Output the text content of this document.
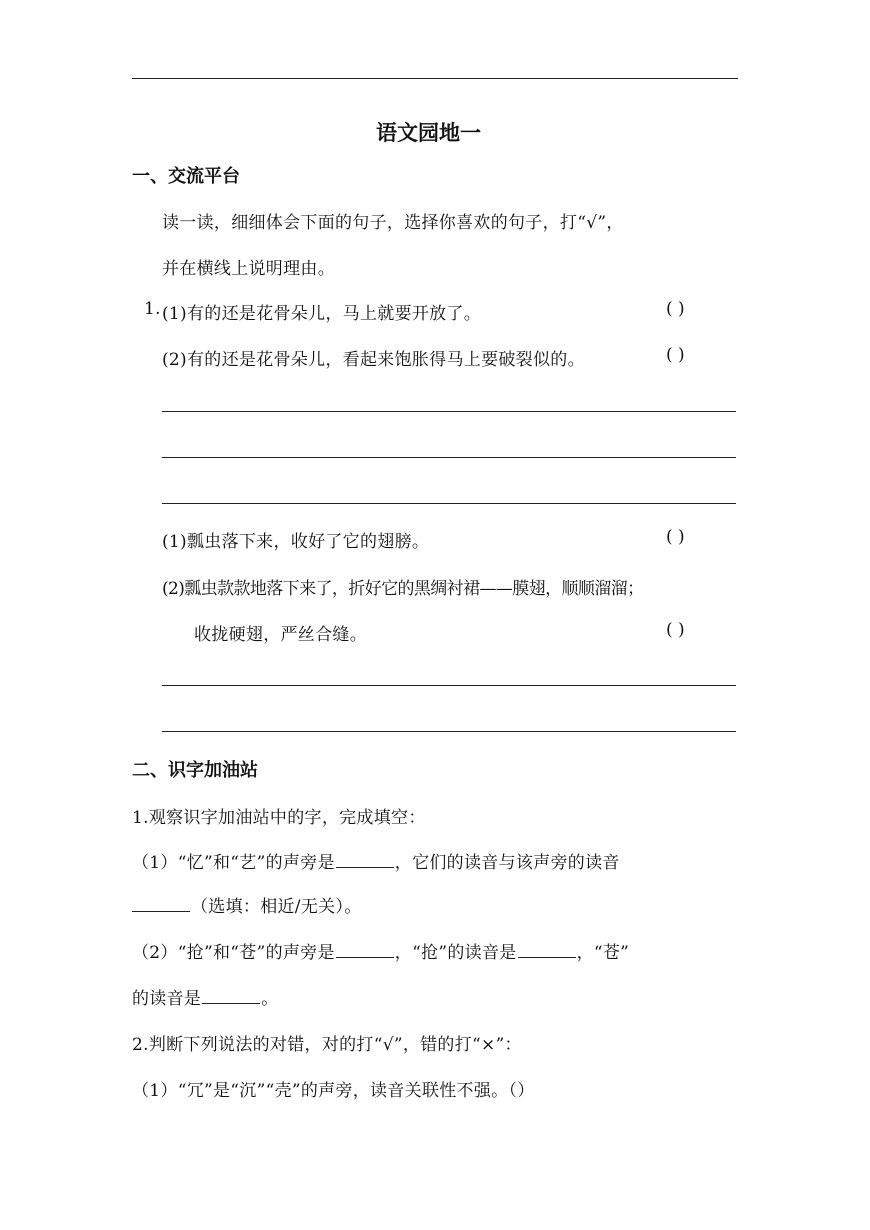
语文园地一
一、交流平台
读一读，细细体会下面的句子，选择你喜欢的句子，打“√”，
并在横线上说明理由。
1. (1)有的还是花骨朵儿，马上就要开放了。	( )
(2)有的还是花骨朵儿，看起来饱胀得马上要破裂似的。	( )
(1)瓢虫落下来，收好了它的翅膀。	( )
(2)瓢虫款款地落下来了，折好它的黑绸衬裙——膜翅，顺顺溜溜；
收拢硬翅，严丝合缝。	( )
二、识字加油站
1.观察识字加油站中的字，完成填空：
（1）“忆”和“艺”的声旁是	，它们的读音与该声旁的读音
（选填：相近/无关）。
（2）“抢”和“苍”的声旁是	，“抢”的读音是	，“苍”
的读音是	。
2.判断下列说法的对错，对的打“√”，错的打“×”：
（1）“冗”是“沉”“壳”的声旁，读音关联性不强。（）
